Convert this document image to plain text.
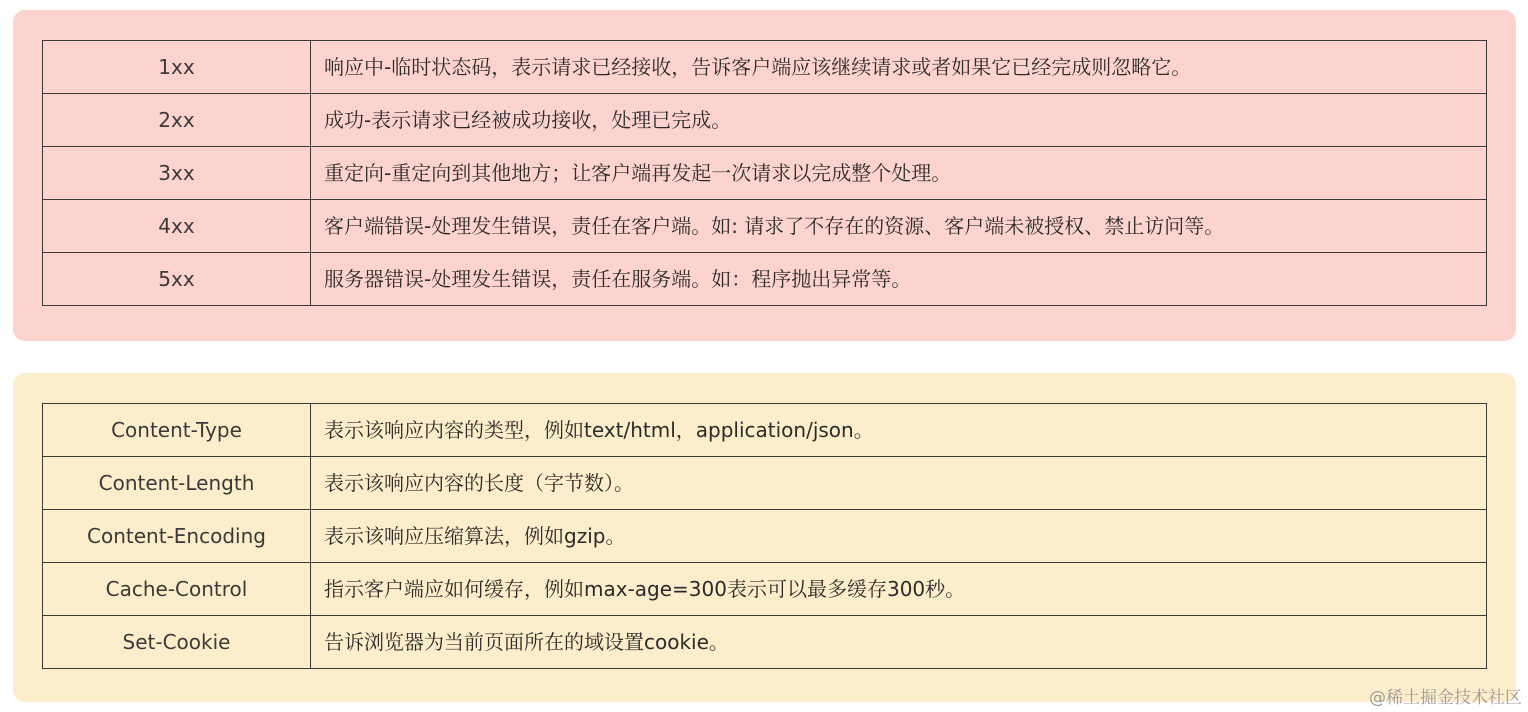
1xx	响应中-临时状态码，表示请求已经接收，告诉客户端应该继续请求或者如果它已经完成则忽略它。
2xx	成功-表示请求已经被成功接收，处理已完成。
3xx	重定向-重定向到其他地方；让客户端再发起一次请求以完成整个处理。
4xx	客户端错误-处理发生错误，责任在客户端。如: 请求了不存在的资源、客户端未被授权、禁止访问等。
5xx	服务器错误-处理发生错误，责任在服务端。如：程序抛出异常等。
Content-Type	表示该响应内容的类型，例如text/html，application/json。
Content-Length	表示该响应内容的长度（字节数）。
Content-Encoding	表示该响应压缩算法，例如gzip。
Cache-Control	指示客户端应如何缓存，例如max-age=300表示可以最多缓存300秒。
Set-Cookie	告诉浏览器为当前页面所在的域设置cookie。
@稀土掘金技术社区
